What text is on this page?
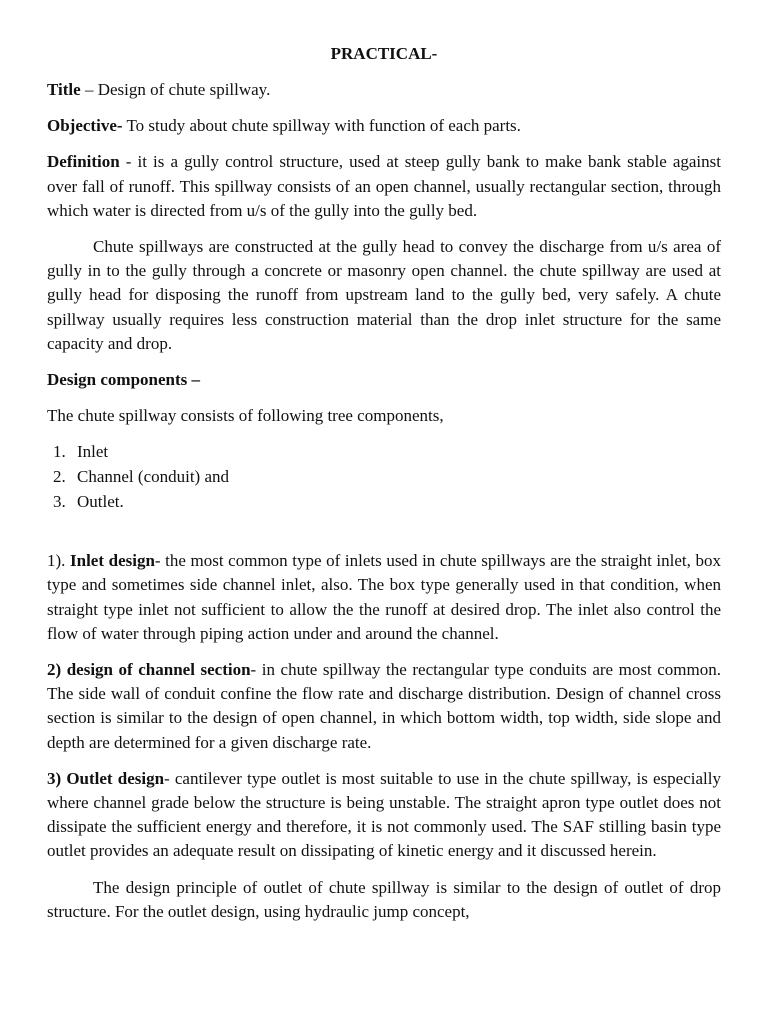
PRACTICAL-

Title – Design of chute spillway.

Objective- To study about chute spillway with function of each parts.

Definition - it is a gully control structure, used at steep gully bank to make bank stable against over fall of runoff. This spillway consists of an open channel, usually rectangular section, through which water is directed from u/s of the gully into the gully bed.

Chute spillways are constructed at the gully head to convey the discharge from u/s area of gully in to the gully through a concrete or masonry open channel. the chute spillway are used at gully head for disposing the runoff from upstream land to the gully bed, very safely. A chute spillway usually requires less construction material than the drop inlet structure for the same capacity and drop.

Design components –

The chute spillway consists of following tree components,

1. Inlet
2. Channel (conduit) and
3. Outlet.

1). Inlet design- the most common type of inlets used in chute spillways are the straight inlet, box type and sometimes side channel inlet, also. The box type generally used in that condition, when straight type inlet not sufficient to allow the the runoff at desired drop. The inlet also control the flow of water through piping action under and around the channel.

2) design of channel section- in chute spillway the rectangular type conduits are most common. The side wall of conduit confine the flow rate and discharge distribution. Design of channel cross section is similar to the design of open channel, in which bottom width, top width, side slope and depth are determined for a given discharge rate.

3) Outlet design- cantilever type outlet is most suitable to use in the chute spillway, is especially where channel grade below the structure is being unstable. The straight apron type outlet does not dissipate the sufficient energy and therefore, it is not commonly used. The SAF stilling basin type outlet provides an adequate result on dissipating of kinetic energy and it discussed herein.

The design principle of outlet of chute spillway is similar to the design of outlet of drop structure. For the outlet design, using hydraulic jump concept,
